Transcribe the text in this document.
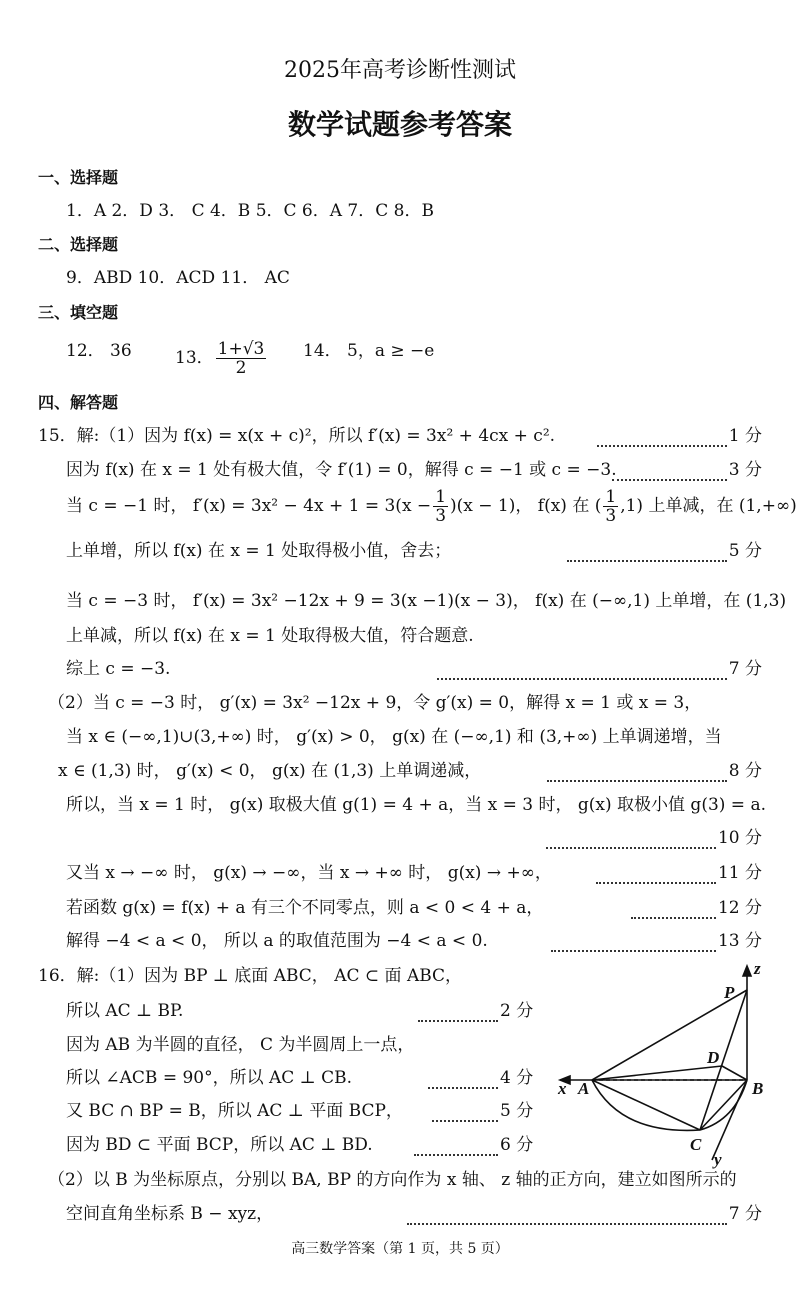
2025年高考诊断性测试
数学试题参考答案
一、选择题
1．A 2．D 3． C 4．B 5．C 6．A 7．C 8．B
二、选择题
9．ABD 10．ACD 11． AC
三、填空题
12． 36	13． $\frac{1+√3}{2} 14$． 5，a ≥ −e
四、解答题
15．解:（1）因为 f(x) = x(x + c)²，所以 f′(x) = 3x² + 4cx + c².	1 分
因为 f(x) 在 x = 1 处有极大值，令 f′(1) = 0，解得 c = −1 或 c = −3.	3 分
当 c = −1 时， $f'(x) = 3x^2 - 4x + 1 = 3(x - \frac{1}{3} )(x - 1)$， f(x) 在 ( $\frac{1}{3} ,1$) 上单减，在 (1,+∞)
上单增，所以 f(x) 在 x = 1 处取得极小值，舍去；	5 分
当 c = −3 时， f′(x) = 3x² −12x + 9 = 3(x −1)(x − 3)， f(x) 在 (−∞,1) 上单增，在 (1,3)
上单减，所以 f(x) 在 x = 1 处取得极大值，符合题意.
综上 c = −3.	7 分
（2）当 c = −3 时， g′(x) = 3x² −12x + 9，令 g′(x) = 0，解得 x = 1 或 x = 3，
当 x ∈ (−∞,1)∪(3,+∞) 时， g′(x) > 0， g(x) 在 (−∞,1) 和 (3,+∞) 上单调递增，当
x ∈ (1,3) 时， g′(x) < 0， g(x) 在 (1,3) 上单调递减，	8 分
所以，当 x = 1 时， g(x) 取极大值 g(1) = 4 + a，当 x = 3 时， g(x) 取极小值 g(3) = a.
10 分
又当 x → −∞ 时， g(x) → −∞，当 x → +∞ 时， g(x) → +∞，	11 分
若函数 g(x) = f(x) + a 有三个不同零点，则 a < 0 < 4 + a，	12 分
解得 −4 < a < 0， 所以 a 的取值范围为 −4 < a < 0.	13 分
16．解:（1）因为 BP ⊥ 底面 ABC， AC ⊂ 面 ABC，
所以 AC ⊥ BP.	2 分
因为 AB 为半圆的直径， C 为半圆周上一点，
所以 ∠ACB = 90°，所以 AC ⊥ CB.	4 分
又 BC ∩ BP = B，所以 AC ⊥ 平面 BCP，	5 分
因为 BD ⊂ 平面 BCP，所以 AC ⊥ BD.	6 分
（2）以 B 为坐标原点，分别以 BA, BP 的方向作为 x 轴、 z 轴的正方向，建立如图所示的
空间直角坐标系 B − xyz，	7 分
z
P
D
x A	B
C
y
高三数学答案（第 1 页，共 5 页）
